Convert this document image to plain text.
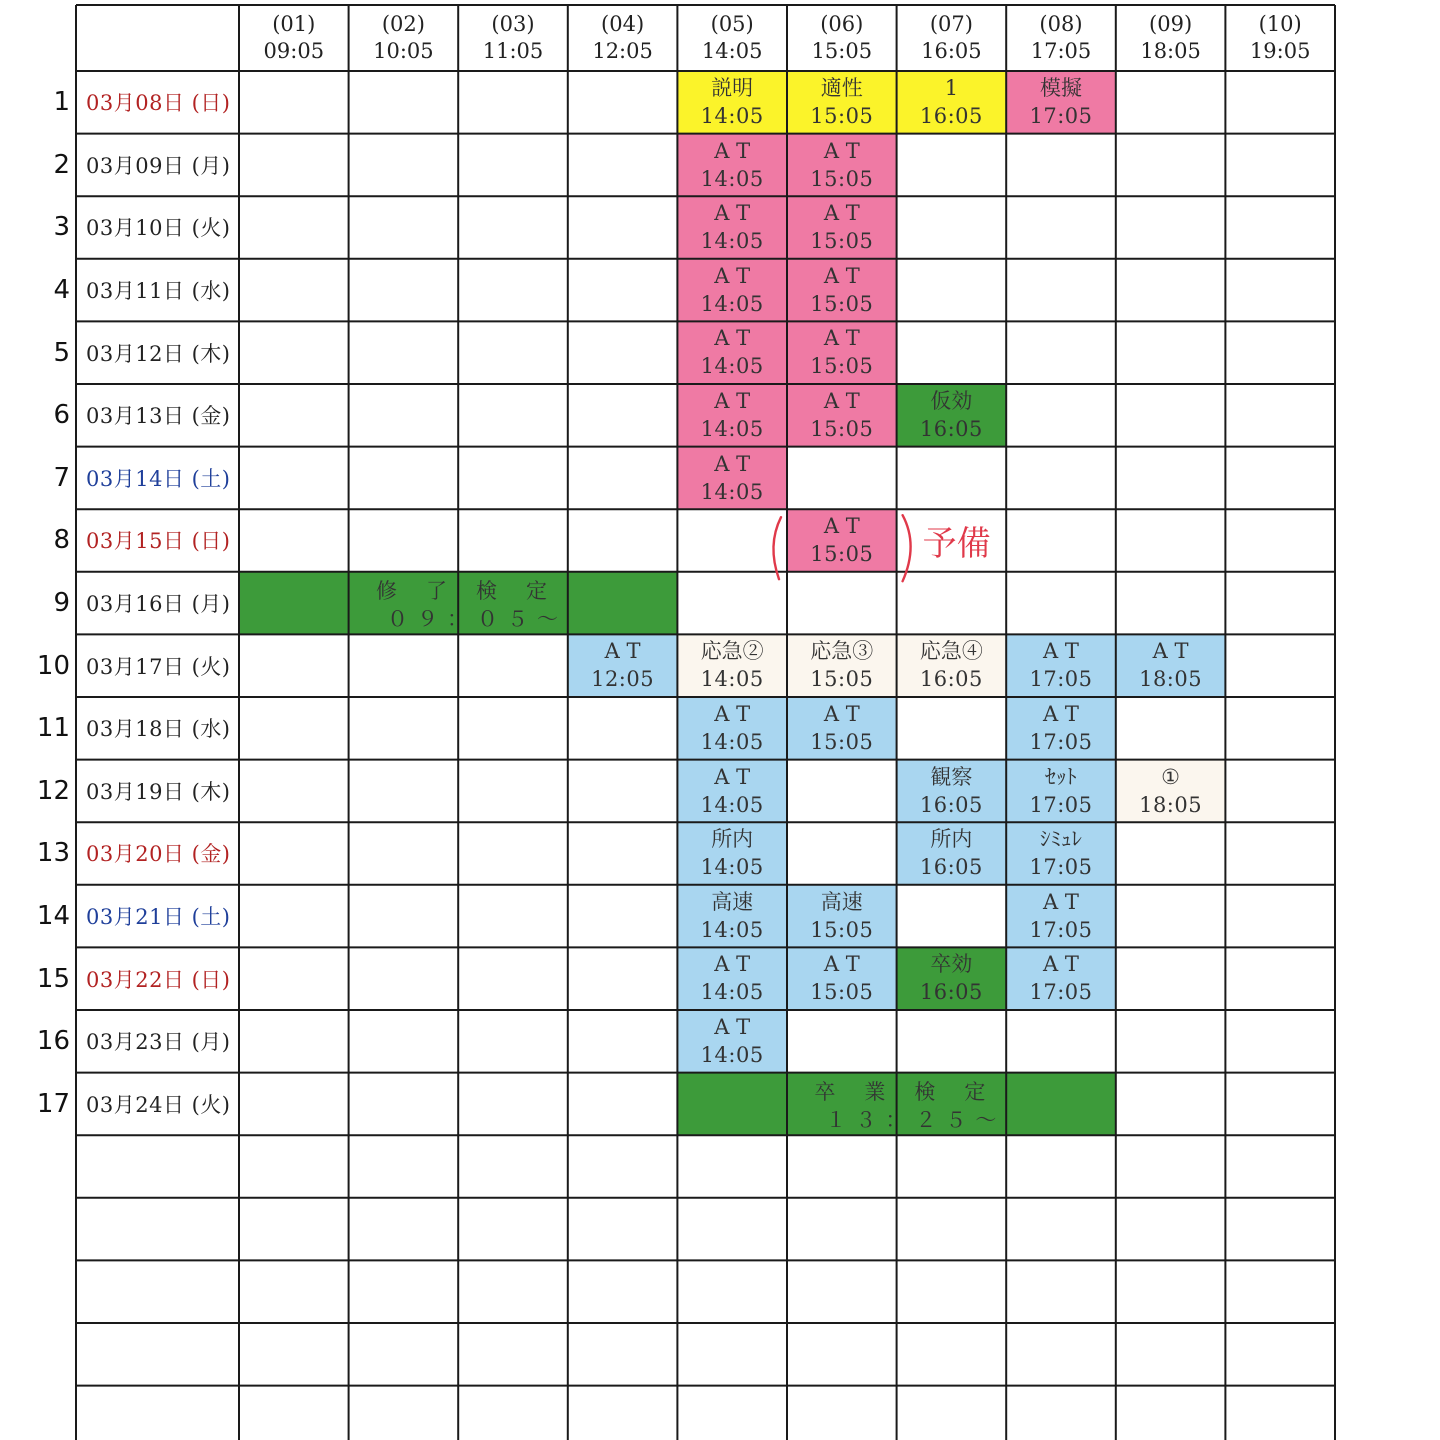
(01)
09:05
(02)
10:05
(03)
11:05
(04)
12:05
(05)
14:05
(06)
15:05
(07)
16:05
(08)
17:05
(09)
18:05
(10)
19:05
1 03月08日 (日)
2 03月09日 (月)
3 03月10日 (火)
4 03月11日 (水)
5 03月12日 (木)
6 03月13日 (金)
7 03月14日 (土)
8 03月15日 (日)
9 03月16日 (月)
10 03月17日 (火)
11 03月18日 (水)
12 03月19日 (木)
13 03月20日 (金)
14 03月21日 (土)
15 03月22日 (日)
16 03月23日 (月)
17 03月24日 (火)
説明
14:05
適性
15:05
1
16:05
模擬
17:05
A T
14:05
A T
15:05
A T
14:05
A T
15:05
A T
14:05
A T
15:05
A T
14:05
A T
15:05
A T
14:05
A T
15:05
仮効
16:05
A T
14:05
A T
15:05
A T
12:05
応急②
14:05
応急③
15:05
応急④
16:05
A T
17:05
A T
18:05
A T
14:05
A T
15:05
A T
17:05
A T
14:05
観察
16:05
ｾｯﾄ
17:05
①
18:05
所内
14:05
所内
16:05
ｼﾐｭﾚ
17:05
高速
14:05
高速
15:05
A T
17:05
A T
14:05
A T
15:05
卒効
16:05
A T
17:05
A T
14:05
修　了　検　定
０９：０５～
卒　業　検　定
１３：２５～
予備
